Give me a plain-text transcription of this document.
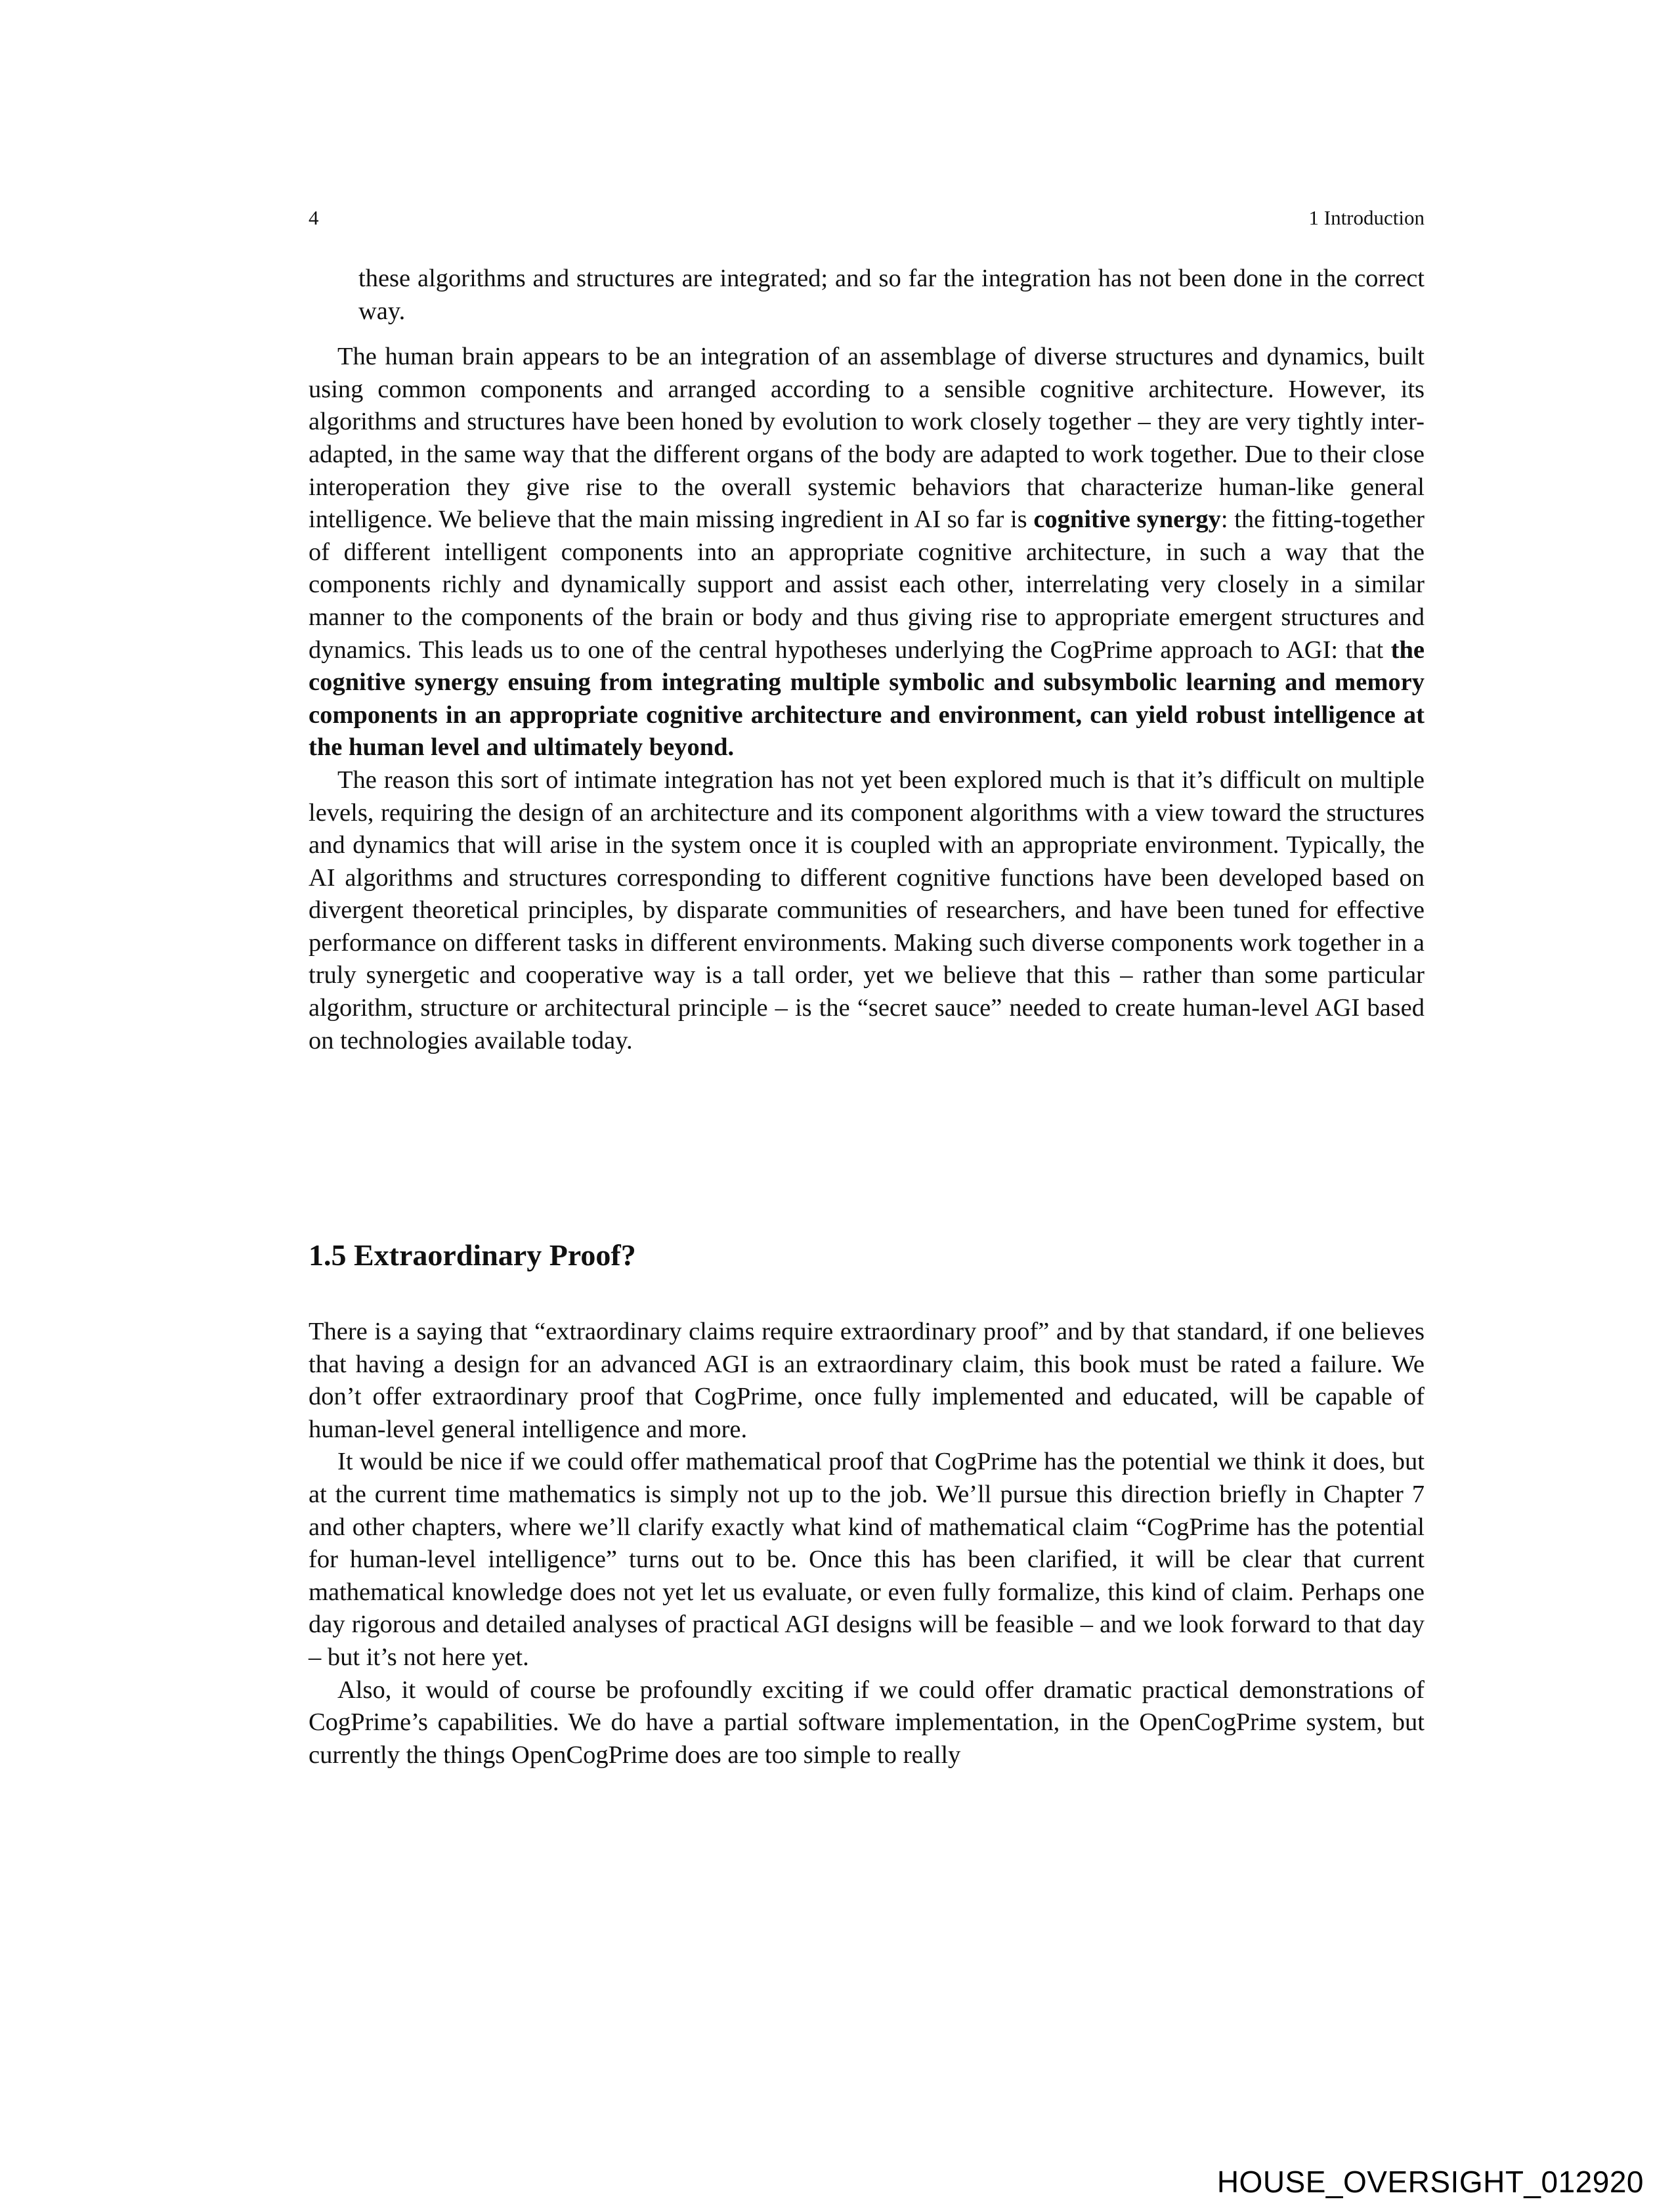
4	1 Introduction

these algorithms and structures are integrated; and so far the integration has not been done in the correct way.

The human brain appears to be an integration of an assemblage of diverse structures and dynamics, built using common components and arranged according to a sensible cognitive architecture. However, its algorithms and structures have been honed by evolution to work closely together – they are very tightly inter-adapted, in the same way that the different organs of the body are adapted to work together. Due to their close interoperation they give rise to the overall systemic behaviors that characterize human-like general intelligence. We believe that the main missing ingredient in AI so far is cognitive synergy: the fitting-together of different intelligent components into an appropriate cognitive architecture, in such a way that the components richly and dynamically support and assist each other, interrelating very closely in a similar manner to the components of the brain or body and thus giving rise to appropriate emergent structures and dynamics. This leads us to one of the central hypotheses underlying the CogPrime approach to AGI: that the cognitive synergy ensuing from integrating multiple symbolic and subsymbolic learning and memory components in an appropriate cognitive architecture and environment, can yield robust intelligence at the human level and ultimately beyond.

The reason this sort of intimate integration has not yet been explored much is that it’s difficult on multiple levels, requiring the design of an architecture and its component algorithms with a view toward the structures and dynamics that will arise in the system once it is coupled with an appropriate environment. Typically, the AI algorithms and structures corresponding to different cognitive functions have been developed based on divergent theoretical principles, by disparate communities of researchers, and have been tuned for effective performance on different tasks in different environments. Making such diverse components work together in a truly synergetic and cooperative way is a tall order, yet we believe that this – rather than some particular algorithm, structure or architectural principle – is the “secret sauce” needed to create human-level AGI based on technologies available today.

1.5 Extraordinary Proof?

There is a saying that “extraordinary claims require extraordinary proof” and by that standard, if one believes that having a design for an advanced AGI is an extraordinary claim, this book must be rated a failure. We don’t offer extraordinary proof that CogPrime, once fully implemented and educated, will be capable of human-level general intelligence and more.

It would be nice if we could offer mathematical proof that CogPrime has the potential we think it does, but at the current time mathematics is simply not up to the job. We’ll pursue this direction briefly in Chapter 7 and other chapters, where we’ll clarify exactly what kind of mathematical claim “CogPrime has the potential for human-level intelligence” turns out to be. Once this has been clarified, it will be clear that current mathematical knowledge does not yet let us evaluate, or even fully formalize, this kind of claim. Perhaps one day rigorous and detailed analyses of practical AGI designs will be feasible – and we look forward to that day – but it’s not here yet.

Also, it would of course be profoundly exciting if we could offer dramatic practical demonstrations of CogPrime’s capabilities. We do have a partial software implementation, in the OpenCogPrime system, but currently the things OpenCogPrime does are too simple to really

HOUSE_OVERSIGHT_012920
